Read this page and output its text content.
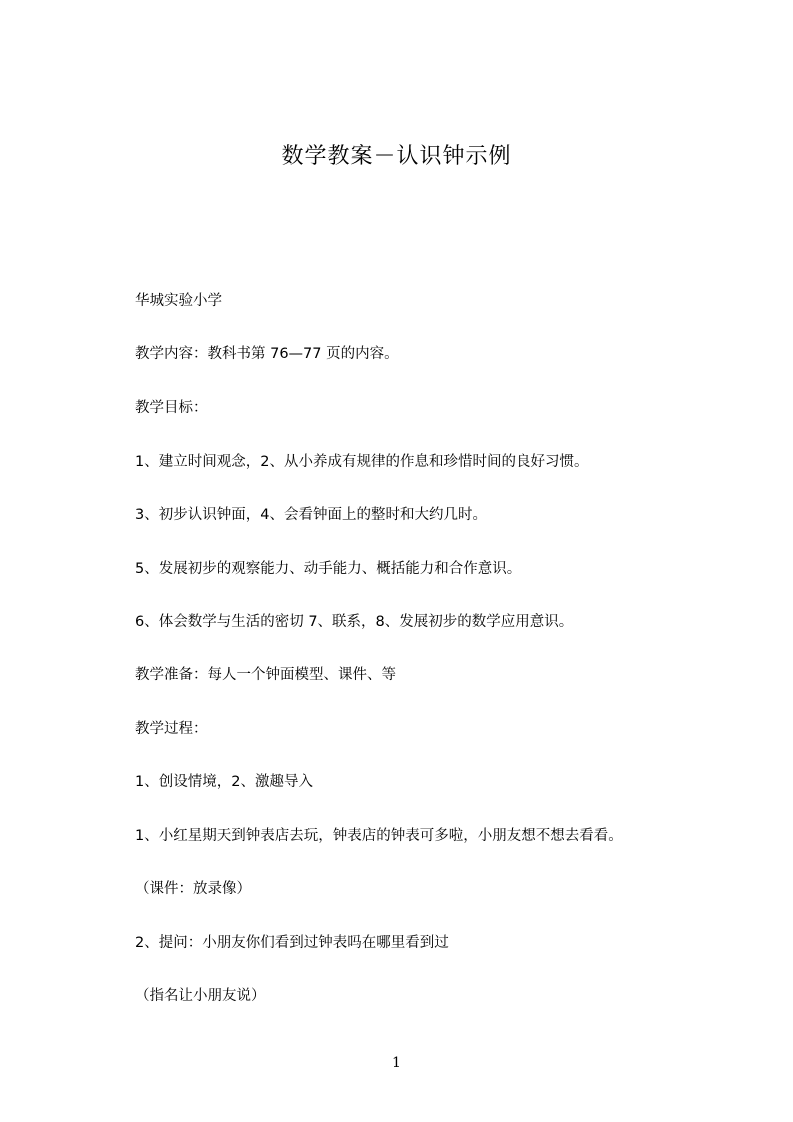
数学教案－认识钟示例
华城实验小学
教学内容：教科书第 76—77 页的内容。
教学目标：
1、建立时间观念，2、从小养成有规律的作息和珍惜时间的良好习惯。
3、初步认识钟面，4、会看钟面上的整时和大约几时。
5、发展初步的观察能力、动手能力、概括能力和合作意识。
6、体会数学与生活的密切 7、联系，8、发展初步的数学应用意识。
教学准备：每人一个钟面模型、课件、等
教学过程：
1、创设情境，2、激趣导入
1、小红星期天到钟表店去玩，钟表店的钟表可多啦，小朋友想不想去看看。
（课件：放录像）
2、提问：小朋友你们看到过钟表吗在哪里看到过
（指名让小朋友说）
1
